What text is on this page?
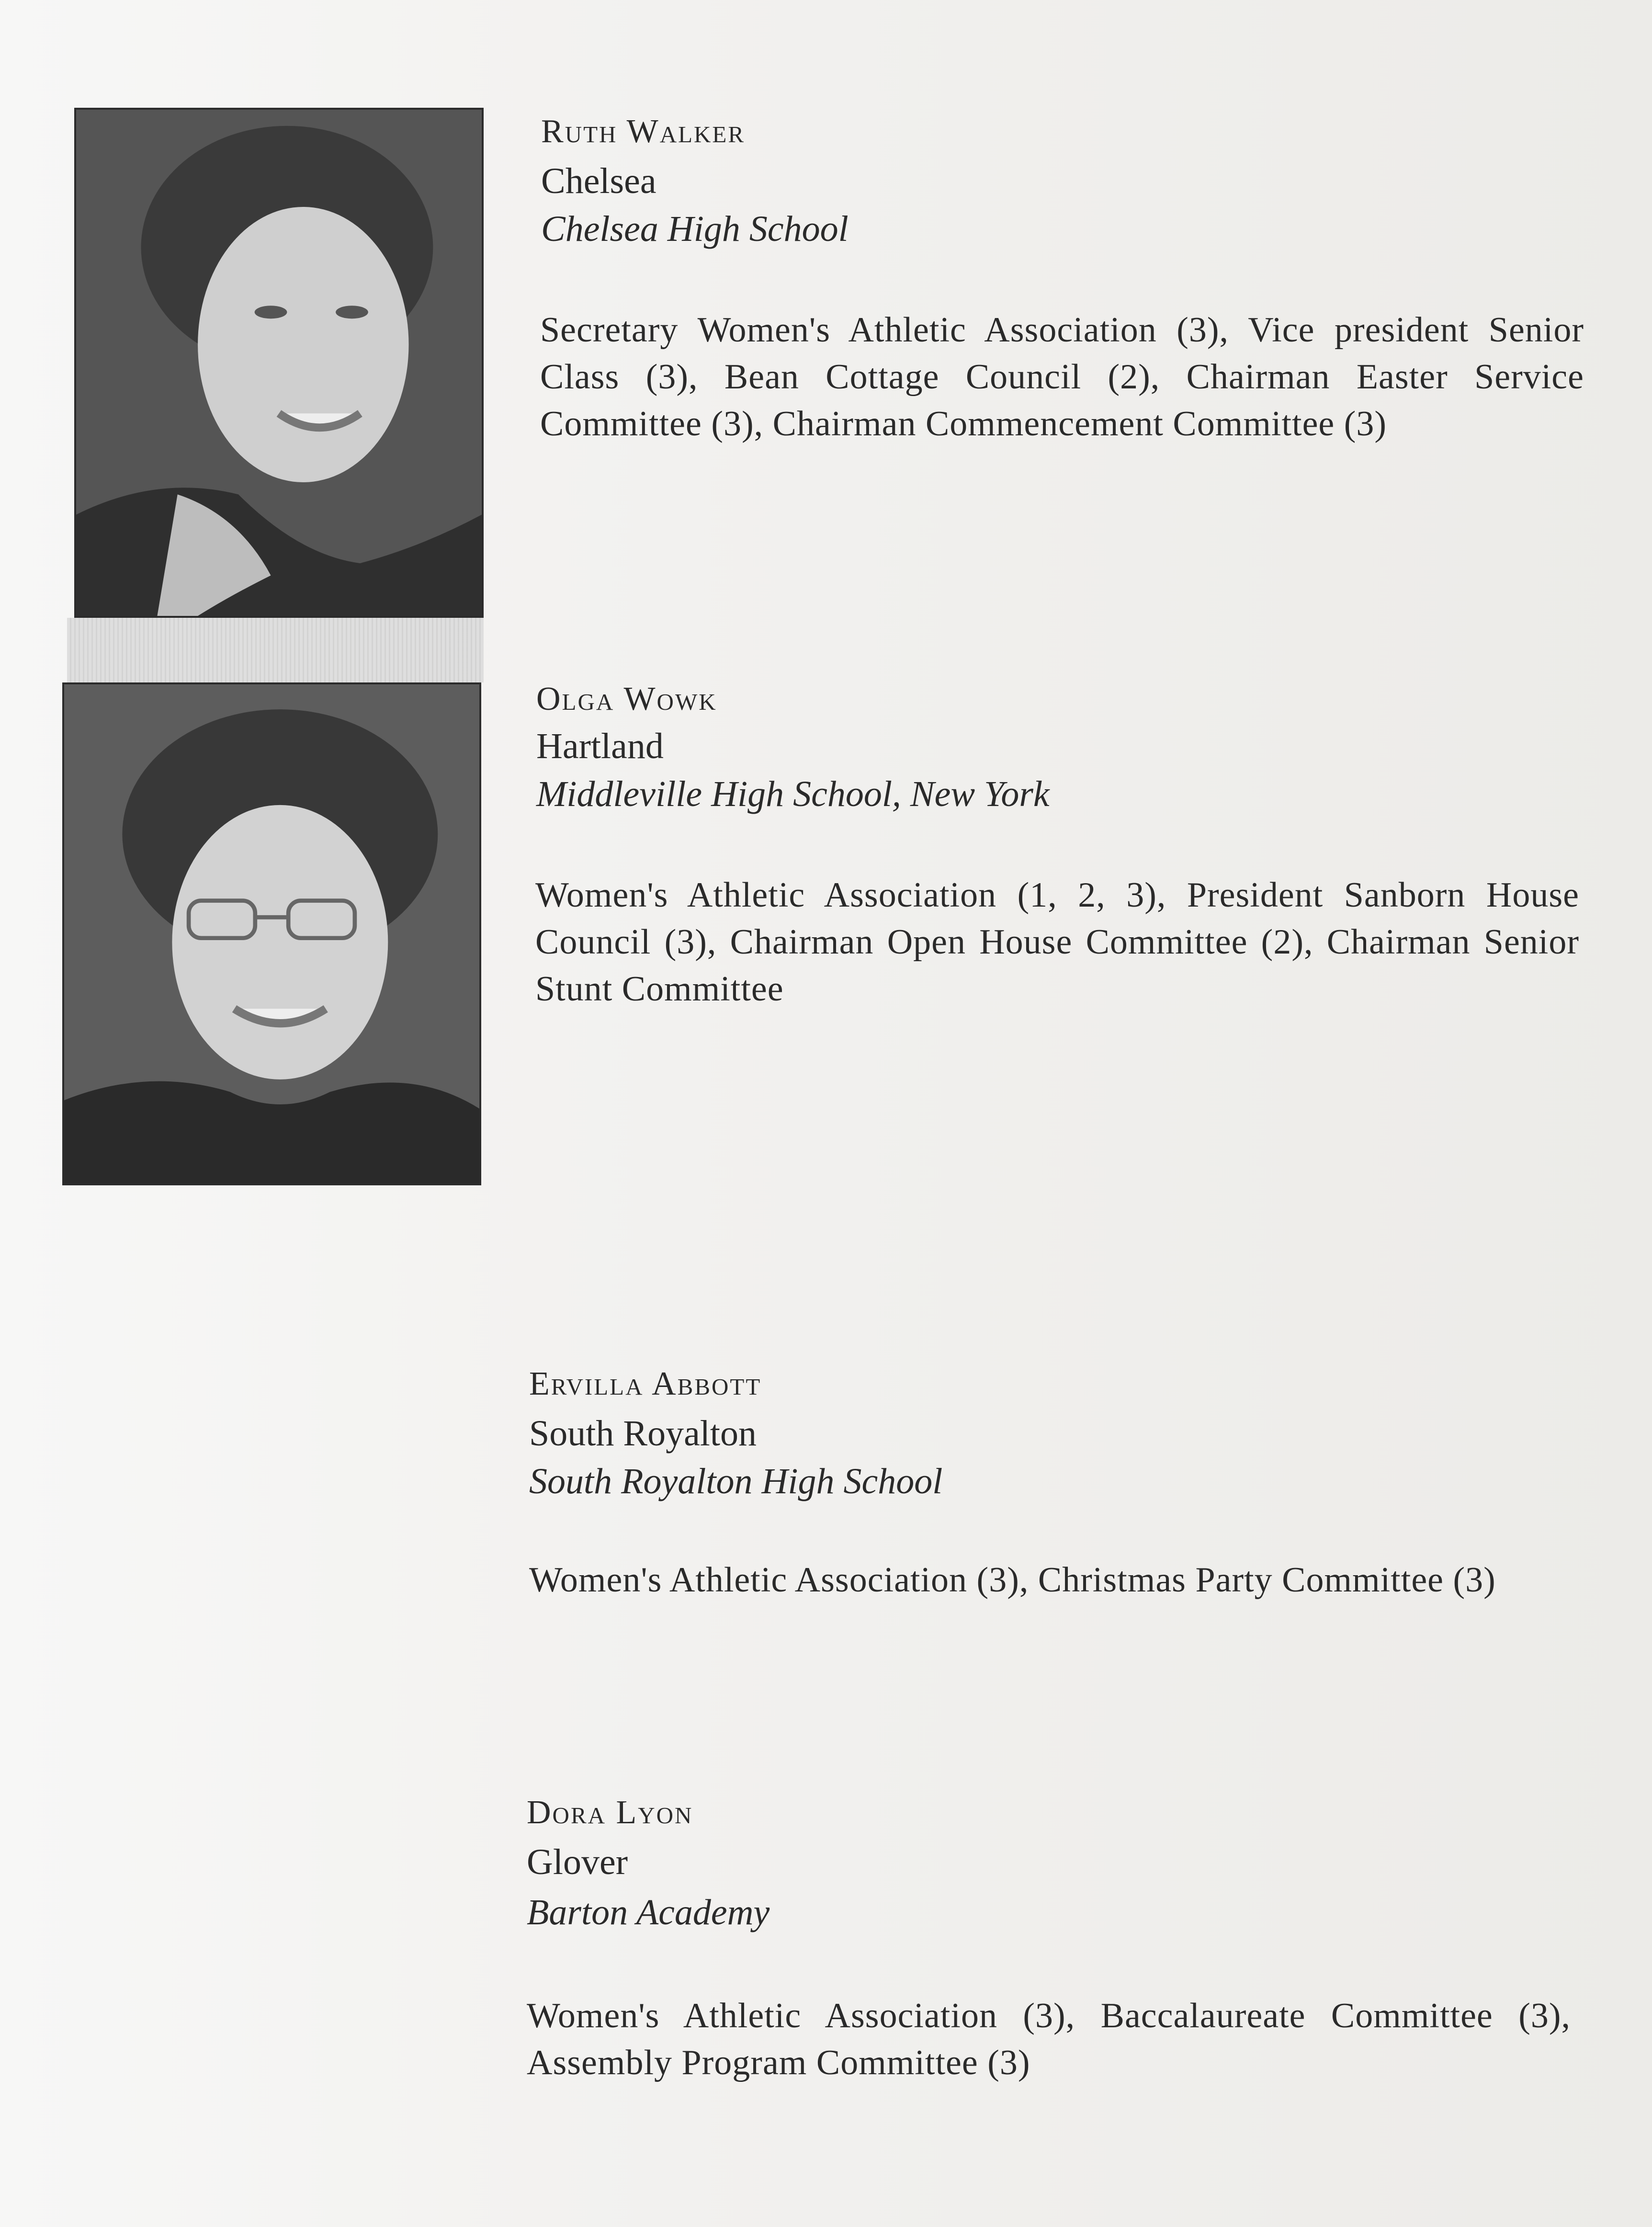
Ruth Walker
Chelsea
Chelsea High School
Secretary Women's Athletic Association (3), Vice president Senior Class (3), Bean Cottage Council (2), Chairman Easter Service Committee (3), Chairman Commencement Committee (3)
Olga Wowk
Hartland
Middleville High School, New York
Women's Athletic Association (1, 2, 3), President Sanborn House Council (3), Chairman Open House Committee (2), Chairman Senior Stunt Committee
Ervilla Abbott
South Royalton
South Royalton High School
Women's Athletic Association (3), Christmas Party Committee (3)
Dora Lyon
Glover
Barton Academy
Women's Athletic Association (3), Baccalaureate Committee (3), Assembly Program Committee (3)
